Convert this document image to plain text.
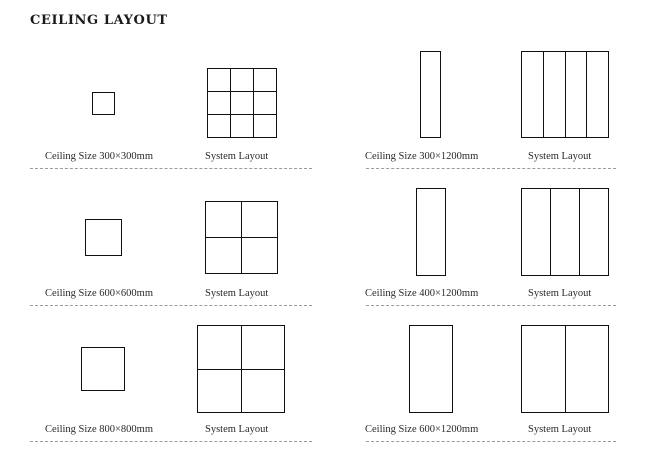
CEILING LAYOUT
Ceiling Size 300×300mm	System Layout	Ceiling Size 300×1200mm	System Layout
Ceiling Size 600×600mm	System Layout	Ceiling Size 400×1200mm	System Layout
Ceiling Size 800×800mm	System Layout	Ceiling Size 600×1200mm	System Layout
